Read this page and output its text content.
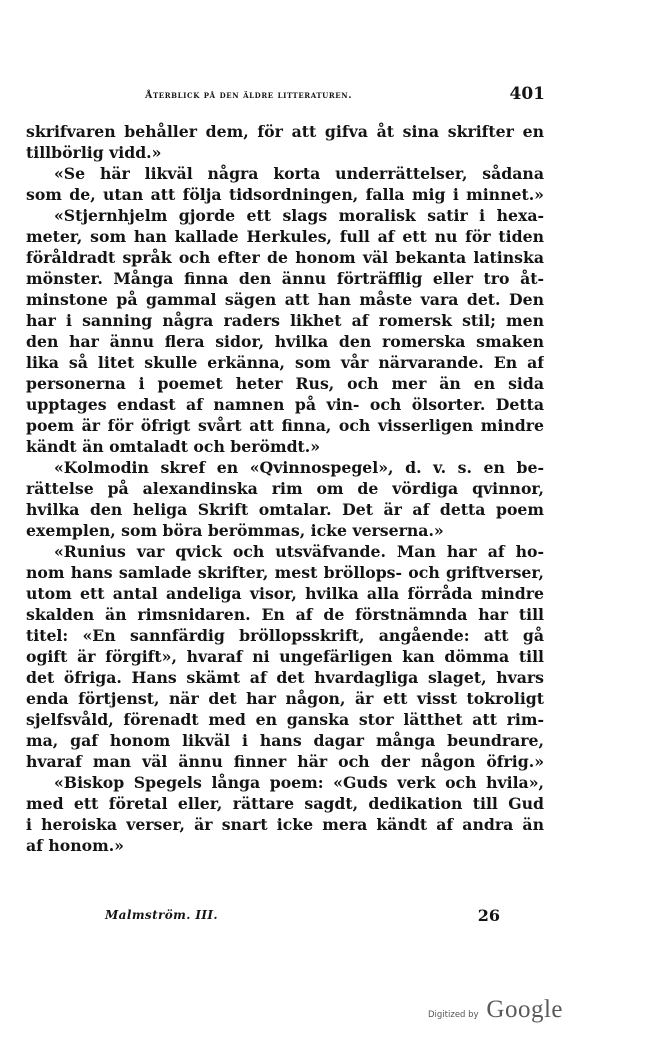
Återblick på den äldre litteraturen.	401
skrifvaren behåller dem, för att gifva åt sina skrifter en
tillbörlig vidd.»
«Se här likväl några korta underrättelser, sådana
som de, utan att följa tidsordningen, falla mig i minnet.»
«Stjernhjelm gjorde ett slags moralisk satir i hexa-
meter, som han kallade Herkules, full af ett nu för tiden
föråldradt språk och efter de honom väl bekanta latinska
mönster. Många finna den ännu förträfflig eller tro åt-
minstone på gammal sägen att han måste vara det. Den
har i sanning några raders likhet af romersk stil; men
den har ännu flera sidor, hvilka den romerska smaken
lika så litet skulle erkänna, som vår närvarande. En af
personerna i poemet heter Rus, och mer än en sida
upptages endast af namnen på vin- och ölsorter. Detta
poem är för öfrigt svårt att finna, och visserligen mindre
kändt än omtaladt och berömdt.»
«Kolmodin skref en «Qvinnospegel», d. v. s. en be-
rättelse på alexandinska rim om de vördiga qvinnor,
hvilka den heliga Skrift omtalar. Det är af detta poem
exemplen, som böra berömmas, icke verserna.»
«Runius var qvick och utsväfvande. Man har af ho-
nom hans samlade skrifter, mest bröllops- och griftverser,
utom ett antal andeliga visor, hvilka alla förråda mindre
skalden än rimsnidaren. En af de förstnämnda har till
titel: «En sannfärdig bröllopsskrift, angående: att gå
ogift är förgift», hvaraf ni ungefärligen kan dömma till
det öfriga. Hans skämt af det hvardagliga slaget, hvars
enda förtjenst, när det har någon, är ett visst tokroligt
sjelfsvåld, förenadt med en ganska stor lätthet att rim-
ma, gaf honom likväl i hans dagar många beundrare,
hvaraf man väl ännu finner här och der någon öfrig.»
«Biskop Spegels långa poem: «Guds verk och hvila»,
med ett företal eller, rättare sagdt, dedikation till Gud
i heroiska verser, är snart icke mera kändt af andra än
af honom.»
Malmström. III.	26
Digitized by Google
